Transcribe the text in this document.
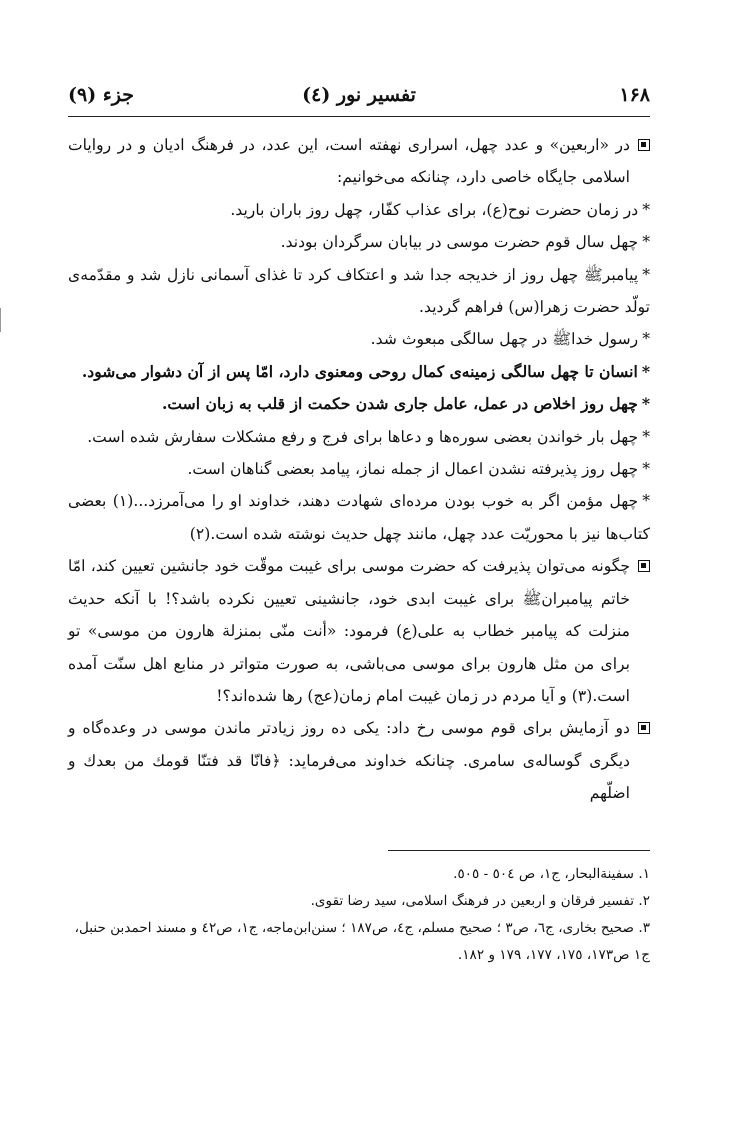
۱۶۸
تفسیر نور (٤)
جزء (۹)

در «اربعین» و عدد چهل، اسراری نهفته است، این عدد، در فرهنگ ادیان و در روایات اسلامی جایگاه خاصی دارد، چنانکه می‌خوانیم:

*در زمان حضرت نوح‌(ع)، برای عذاب کفّار، چهل روز باران بارید.

*چهل سال قوم حضرت موسی در بیابان سرگردان بودند.

*پیامبرﷺ چهل روز از خدیجه جدا شد و اعتکاف کرد تا غذای آسمانی نازل شد و مقدّمه‌ی تولّد حضرت زهرا(س) فراهم گردید.

*رسول خداﷺ در چهل سالگی مبعوث شد.

*انسان تا چهل سالگی زمینه‌ی کمال روحی ومعنوی دارد، امّا پس از آن دشوار می‌شود.

*چهل روز اخلاص در عمل، عامل جاری شدن حکمت از قلب به زبان است.

*چهل بار خواندن بعضی سوره‌ها و دعاها برای فرج و رفع مشکلات سفارش شده است.

*چهل روز پذیرفته نشدن اعمال از جمله نماز، پیامد بعضی گناهان است.

*چهل مؤمن اگر به خوب بودن مرده‌ای شهادت دهند، خداوند او را می‌آمرزد...(۱) بعضی کتاب‌ها نیز با محوریّت عدد چهل، مانند چهل حدیث نوشته شده است.(۲)

چگونه می‌توان پذیرفت که حضرت موسی برای غیبت موقّت خود جانشین تعیین کند، امّا خاتم پیامبرانﷺ برای غیبت ابدی خود، جانشینی تعیین نکرده باشد؟! با آنکه حدیث منزلت که پیامبر خطاب به علی(ع) فرمود: «أنت منّی بمنزلة هارون من موسی» تو برای من مثل هارون برای موسی می‌باشی، به صورت متواتر در منابع اهل سنّت آمده است.(۳) و آیا مردم در زمان غیبت امام زمان(عج) رها شده‌اند؟!

دو آزمایش برای قوم موسی رخ داد: یکی ده روز زیادتر ماندن موسی در وعده‌گاه و دیگری گوساله‌ی سامری. چنانکه خداوند می‌فرماید: ﴿فانّا قد فتنّا قومك من بعدك و اضلّهم

۱. سفینة‌البحار، ج۱، ص ٥٠٤ - ٥٠٥.

۲. تفسیر فرقان و اربعین در فرهنگ اسلامی، سید رضا تقوی.

۳. صحیح بخاری، ج٦، ص۳ ؛ صحیح مسلم، ج٤، ص۱۸۷ ؛ سنن‌ابن‌ماجه، ج۱، ص٤۲ و مسند احمدبن حنبل، ج۱ ص۱۷۳، ۱۷٥، ۱۷۷، ۱۷۹ و ۱۸۲.
